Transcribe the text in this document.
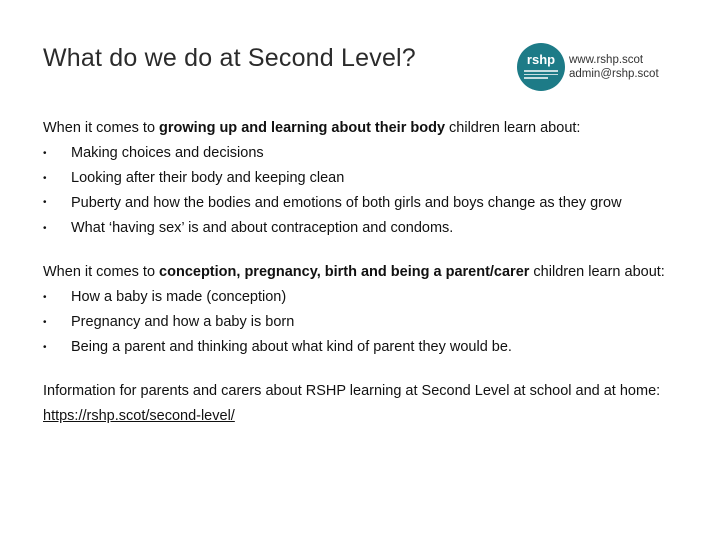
What do we do at Second Level?	rshp	www.rshp.scot
admin@rshp.scot

When it comes to growing up and learning about their body children learn about:

• Making choices and decisions
• Looking after their body and keeping clean
• Puberty and how the bodies and emotions of both girls and boys change as they grow
• What ‘having sex’ is and about contraception and condoms.

When it comes to conception, pregnancy, birth and being a parent/carer children learn about:

• How a baby is made (conception)
• Pregnancy and how a baby is born
• Being a parent and thinking about what kind of parent they would be.

Information for parents and carers about RSHP learning at Second Level at school and at home: https://rshp.scot/second-level/
